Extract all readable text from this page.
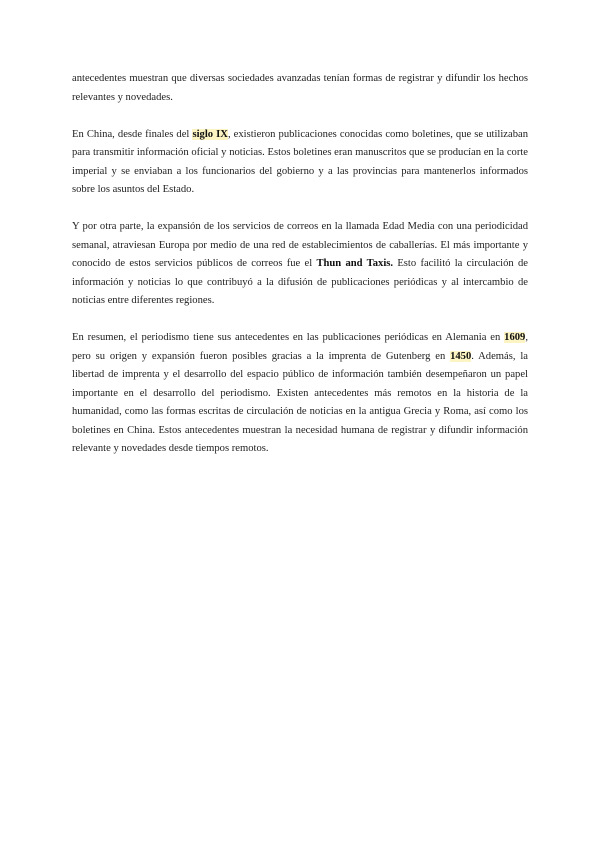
antecedentes muestran que diversas sociedades avanzadas tenían formas de registrar y difundir los hechos relevantes y novedades.

En China, desde finales del siglo IX, existieron publicaciones conocidas como boletines, que se utilizaban para transmitir información oficial y noticias. Estos boletines eran manuscritos que se producían en la corte imperial y se enviaban a los funcionarios del gobierno y a las provincias para mantenerlos informados sobre los asuntos del Estado.

Y por otra parte, la expansión de los servicios de correos en la llamada Edad Media con una periodicidad semanal, atraviesan Europa por medio de una red de establecimientos de caballerías. El más importante y conocido de estos servicios públicos de correos fue el Thun and Taxis. Esto facilitó la circulación de información y noticias lo que contribuyó a la difusión de publicaciones periódicas y al intercambio de noticias entre diferentes regiones.

En resumen, el periodismo tiene sus antecedentes en las publicaciones periódicas en Alemania en 1609, pero su origen y expansión fueron posibles gracias a la imprenta de Gutenberg en 1450. Además, la libertad de imprenta y el desarrollo del espacio público de información también desempeñaron un papel importante en el desarrollo del periodismo. Existen antecedentes más remotos en la historia de la humanidad, como las formas escritas de circulación de noticias en la antigua Grecia y Roma, así como los boletines en China. Estos antecedentes muestran la necesidad humana de registrar y difundir información relevante y novedades desde tiempos remotos.
